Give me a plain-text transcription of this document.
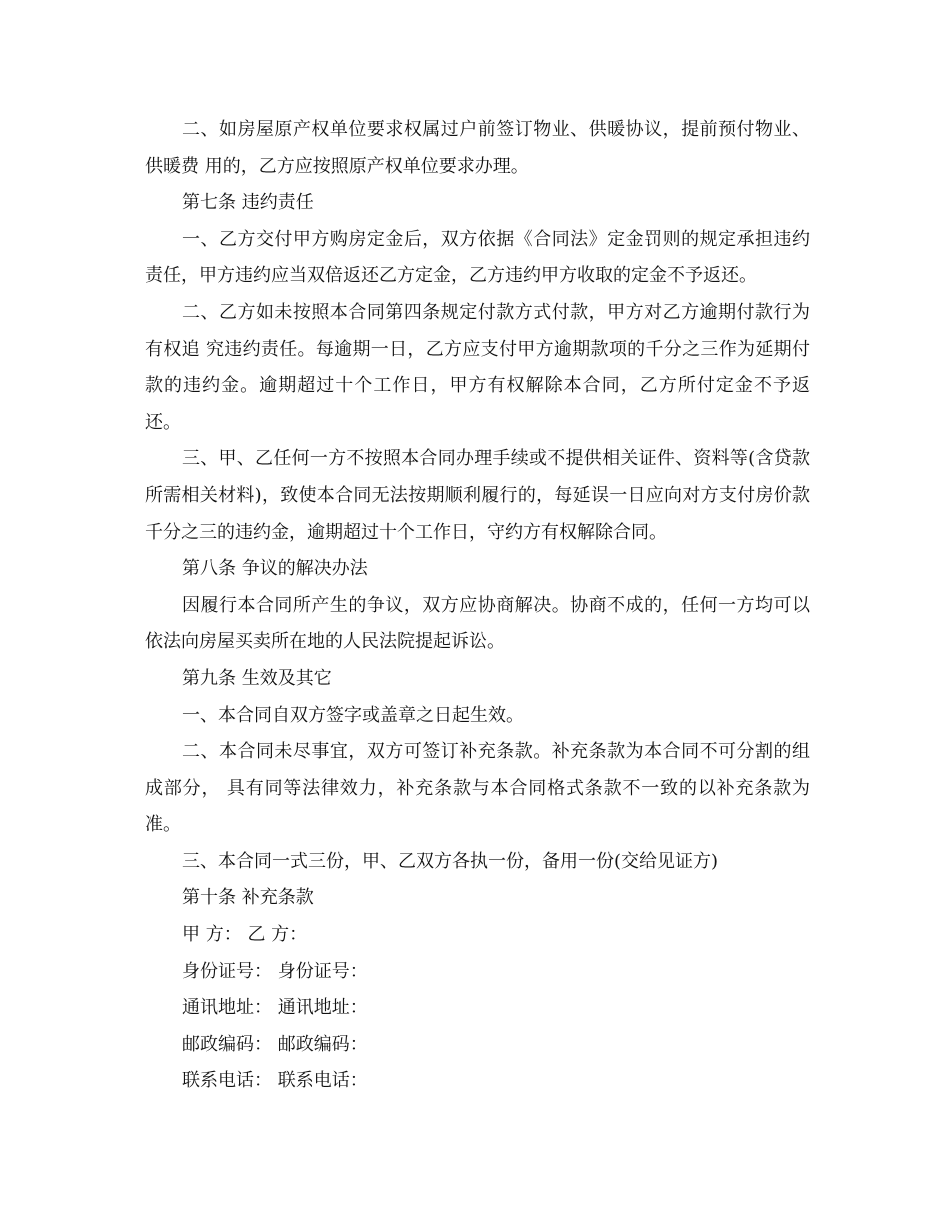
二、如房屋原产权单位要求权属过户前签订物业、供暖协议，提前预付物业、供暖费 用的，乙方应按照原产权单位要求办理。

第七条 违约责任

一、乙方交付甲方购房定金后，双方依据《合同法》定金罚则的规定承担违约责任，甲方违约应当双倍返还乙方定金，乙方违约甲方收取的定金不予返还。

二、乙方如未按照本合同第四条规定付款方式付款，甲方对乙方逾期付款行为有权追 究违约责任。每逾期一日，乙方应支付甲方逾期款项的千分之三作为延期付款的违约金。逾期超过十个工作日，甲方有权解除本合同，乙方所付定金不予返还。

三、甲、乙任何一方不按照本合同办理手续或不提供相关证件、资料等(含贷款所需相关材料)，致使本合同无法按期顺利履行的，每延误一日应向对方支付房价款千分之三的违约金，逾期超过十个工作日，守约方有权解除合同。

第八条 争议的解决办法

因履行本合同所产生的争议，双方应协商解决。协商不成的，任何一方均可以依法向房屋买卖所在地的人民法院提起诉讼。

第九条 生效及其它

一、本合同自双方签字或盖章之日起生效。

二、本合同未尽事宜，双方可签订补充条款。补充条款为本合同不可分割的组成部分， 具有同等法律效力，补充条款与本合同格式条款不一致的以补充条款为准。

三、本合同一式三份，甲、乙双方各执一份，备用一份(交给见证方)

第十条 补充条款

甲 方： 乙 方：

身份证号： 身份证号：

通讯地址： 通讯地址：

邮政编码： 邮政编码：

联系电话： 联系电话：
